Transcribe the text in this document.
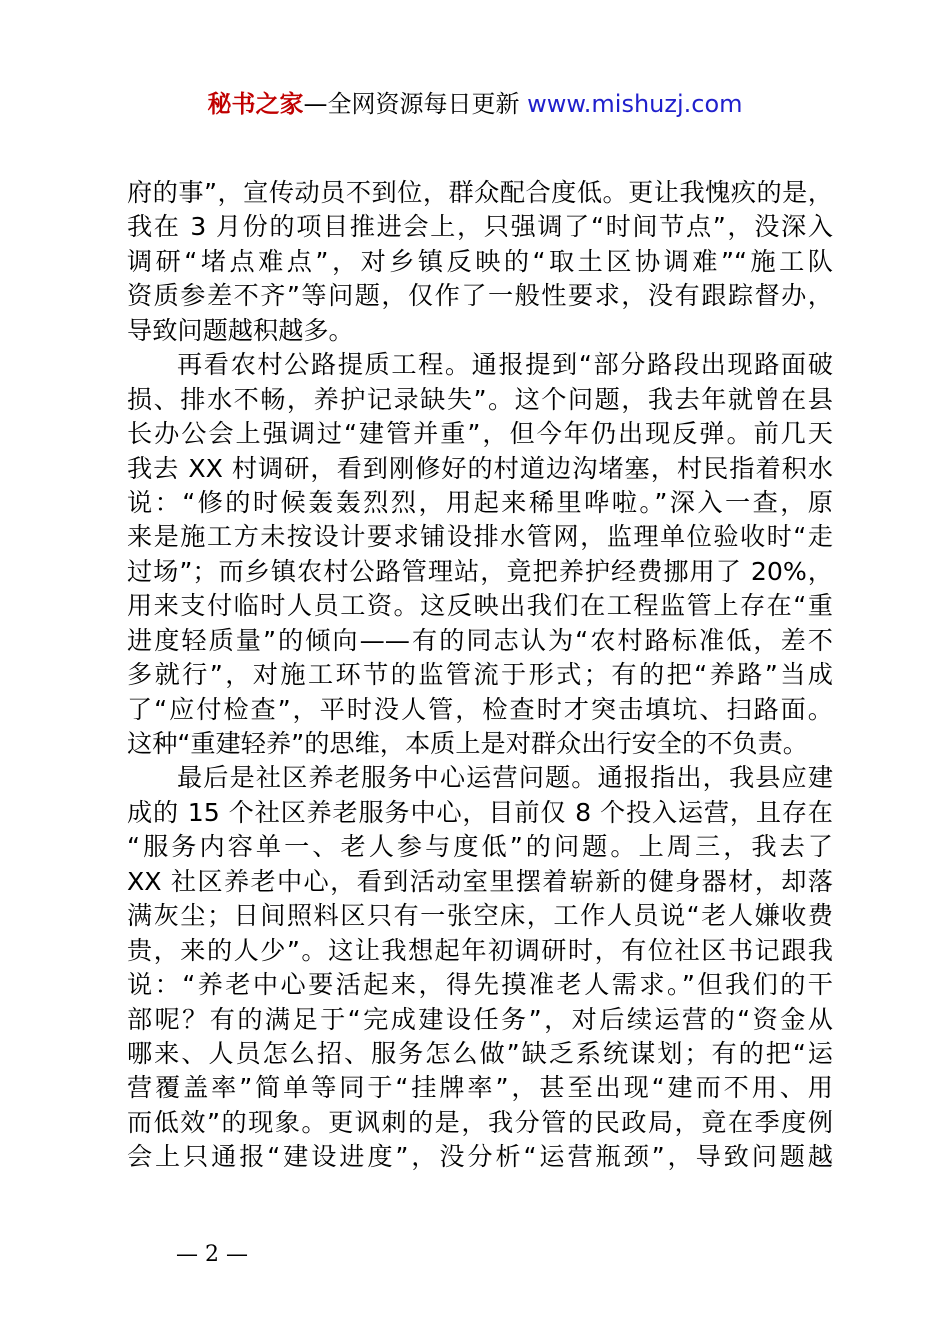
秘书之家—全网资源每日更新 www.mishuzj.com
府的事”，宣传动员不到位，群众配合度低。更让我愧疚的是，
我在 3 月份的项目推进会上，只强调了“时间节点”，没深入
调研“堵点难点”，对乡镇反映的“取土区协调难”“施工队
资质参差不齐”等问题，仅作了一般性要求，没有跟踪督办，
导致问题越积越多。
再看农村公路提质工程。通报提到“部分路段出现路面破
损、排水不畅，养护记录缺失”。这个问题，我去年就曾在县
长办公会上强调过“建管并重”，但今年仍出现反弹。前几天
我去 XX 村调研，看到刚修好的村道边沟堵塞，村民指着积水
说：“修的时候轰轰烈烈，用起来稀里哗啦。”深入一查，原
来是施工方未按设计要求铺设排水管网，监理单位验收时“走
过场”；而乡镇农村公路管理站，竟把养护经费挪用了 20%，
用来支付临时人员工资。这反映出我们在工程监管上存在“重
进度轻质量”的倾向——有的同志认为“农村路标准低，差不
多就行”，对施工环节的监管流于形式；有的把“养路”当成
了“应付检查”，平时没人管，检查时才突击填坑、扫路面。
这种“重建轻养”的思维，本质上是对群众出行安全的不负责。
最后是社区养老服务中心运营问题。通报指出，我县应建
成的 15 个社区养老服务中心，目前仅 8 个投入运营，且存在
“服务内容单一、老人参与度低”的问题。上周三，我去了
XX 社区养老中心，看到活动室里摆着崭新的健身器材，却落
满灰尘；日间照料区只有一张空床，工作人员说“老人嫌收费
贵，来的人少”。这让我想起年初调研时，有位社区书记跟我
说：“养老中心要活起来，得先摸准老人需求。”但我们的干
部呢？有的满足于“完成建设任务”，对后续运营的“资金从
哪来、人员怎么招、服务怎么做”缺乏系统谋划；有的把“运
营覆盖率”简单等同于“挂牌率”，甚至出现“建而不用、用
而低效”的现象。更讽刺的是，我分管的民政局，竟在季度例
会上只通报“建设进度”，没分析“运营瓶颈”，导致问题越
— 2 —
